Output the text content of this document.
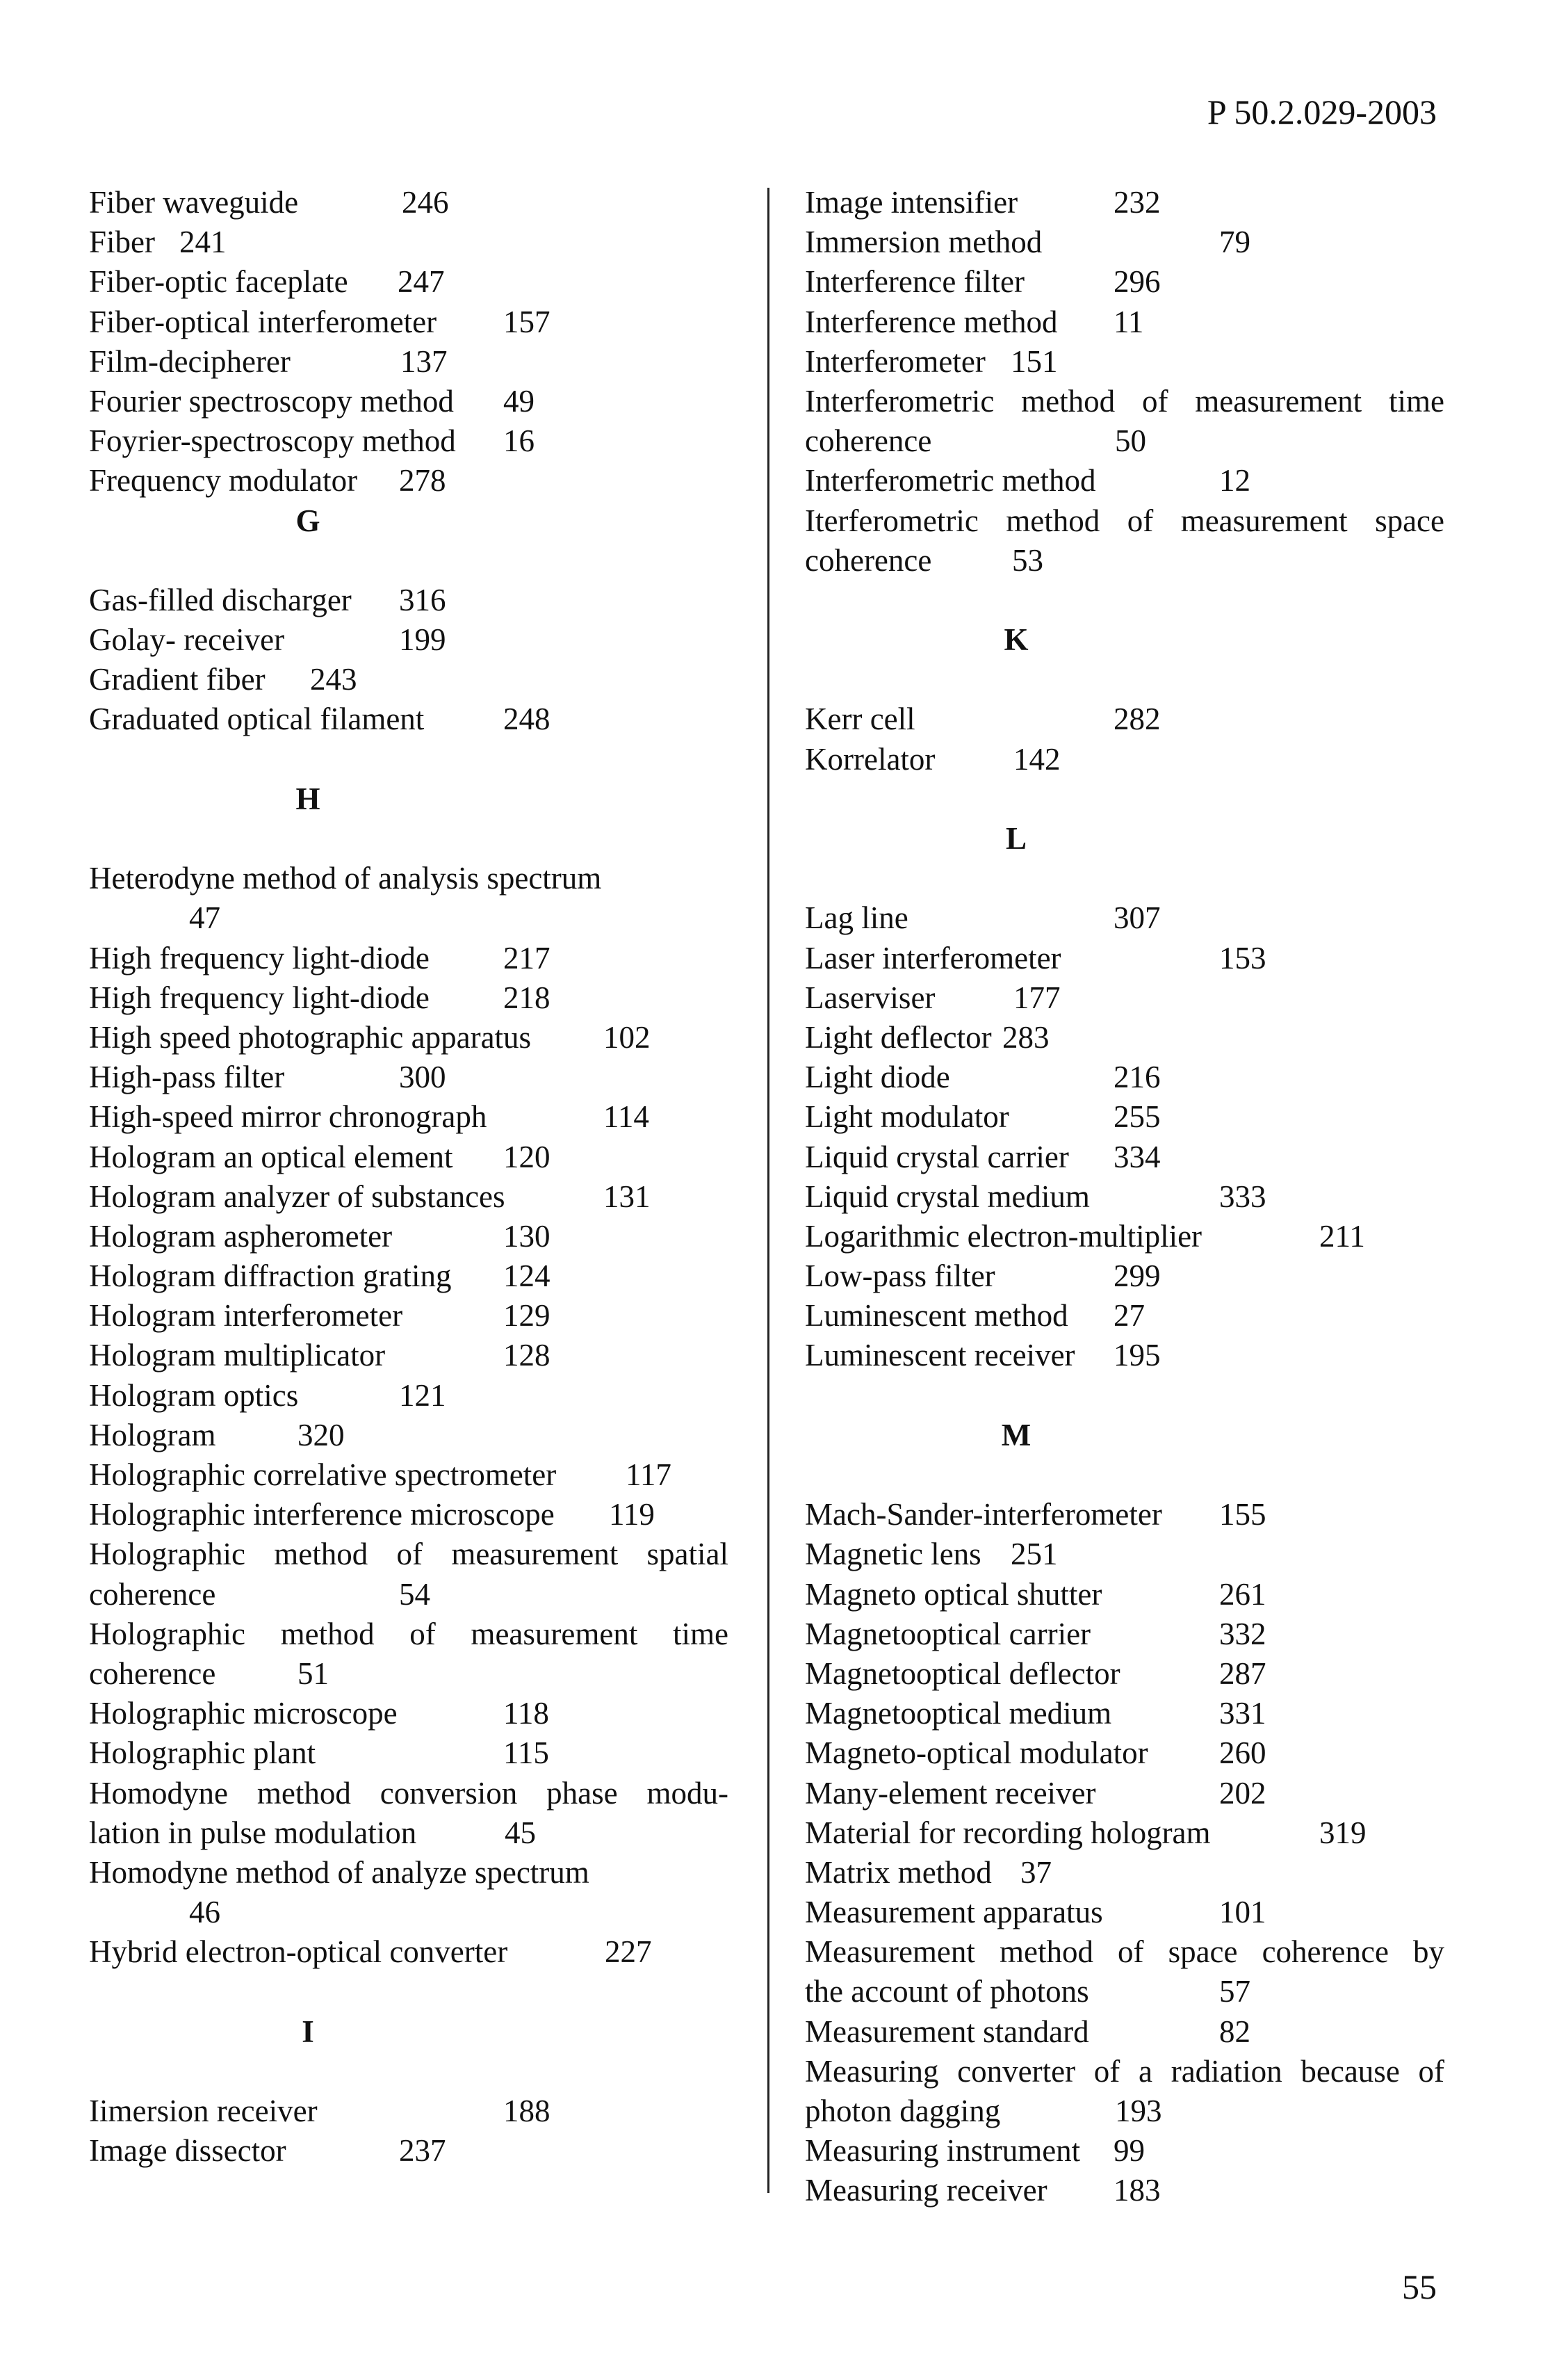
P 50.2.029-2003
Fiber waveguide	246
Fiber 241
Fiber-optic faceplate 247
Fiber-optical interferometer 157
Film-decipherer	137
Fourier spectroscopy method 49
Foyrier-spectroscopy method 16
Frequency modulator 278
G
Gas-filled discharger 316
Golay- receiver	199
Gradient fiber 243
Graduated optical filament	248
H
Heterodyne method of analysis spectrum
47
High frequency light-diode 217
High frequency light-diode 218
High speed photographic apparatus 102
High-pass filter	300
High-speed mirror chronograph	114
Hologram an optical element 120
Hologram analyzer of substances	131
Hologram aspherometer	130
Hologram diffraction grating 124
Hologram interferometer	129
Hologram multiplicator	128
Hologram optics	121
Hologram	320
Holographic correlative spectrometer 117
Holographic interference microscope 119
Holographic method of measurement spatial
coherence	54
Holographic method of measurement time
coherence	51
Holographic microscope	118
Holographic plant	115
Homodyne method conversion phase modu-
lation in pulse modulation	45
Homodyne method of analyze spectrum
46
Hybrid electron-optical converter	227
I
Iimersion receiver	188
Image dissector	237
Image intensifier	232
Immersion method	79
Interference filter	296
Interference method 11
Interferometer 151
Interferometric method of measurement time
coherence	50
Interferometric method	12
Iterferometric method of measurement space
coherence	53
K
Kerr cell	282
Korrelator	142
L
Lag line	307
Laser interferometer	153
Laserviser	177
Light deflector 283
Light diode	216
Light modulator	255
Liquid crystal carrier 334
Liquid crystal medium	333
Logarithmic electron-multiplier	211
Low-pass filter	299
Luminescent method 27
Luminescent receiver 195
M
Mach-Sander-interferometer 155
Magnetic lens 251
Magneto optical shutter	261
Magnetooptical carrier	332
Magnetooptical deflector	287
Magnetooptical medium	331
Magneto-optical modulator 260
Many-element receiver	202
Material for recording hologram	319
Matrix method 37
Measurement apparatus	101
Measurement method of space coherence by
the account of photons	57
Measurement standard	82
Measuring converter of a radiation because of
photon dagging	193
Measuring instrument 99
Measuring receiver 183
55
